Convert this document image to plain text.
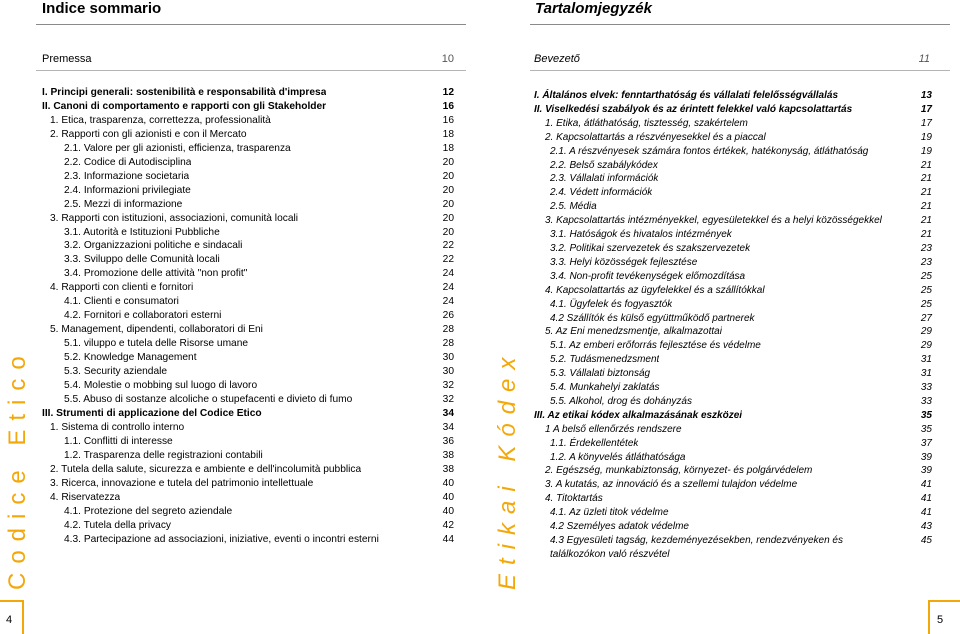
Indice sommario
Premessa	10
I. Principi generali: sostenibilità e responsabilità d'impresa	12
II. Canoni di comportamento e rapporti con gli Stakeholder	16
1. Etica, trasparenza, correttezza, professionalità	16
2. Rapporti con gli azionisti e con il Mercato	18
2.1. Valore per gli azionisti, efficienza, trasparenza	18
2.2. Codice di Autodisciplina	20
2.3. Informazione societaria	20
2.4. Informazioni privilegiate	20
2.5. Mezzi di informazione	20
3. Rapporti con istituzioni, associazioni, comunità locali	20
3.1. Autorità e Istituzioni Pubbliche	20
3.2. Organizzazioni politiche e sindacali	22
3.3. Sviluppo delle Comunità locali	22
3.4. Promozione delle attività "non profit"	24
4. Rapporti con clienti e fornitori	24
4.1. Clienti e consumatori	24
4.2. Fornitori e collaboratori esterni	26
5. Management, dipendenti, collaboratori di Eni	28
5.1. viluppo e tutela delle Risorse umane	28
5.2. Knowledge Management	30
5.3. Security aziendale	30
5.4. Molestie o mobbing sul luogo di lavoro	32
5.5. Abuso di sostanze alcoliche o stupefacenti e divieto di fumo	32
III. Strumenti di applicazione del Codice Etico	34
1. Sistema di controllo interno	34
1.1. Conflitti di interesse	36
1.2. Trasparenza delle registrazioni contabili	38
2. Tutela della salute, sicurezza e ambiente e dell'incolumità pubblica	38
3. Ricerca, innovazione e tutela del patrimonio intellettuale	40
4. Riservatezza	40
4.1. Protezione del segreto aziendale	40
4.2. Tutela della privacy	42
4.3. Partecipazione ad associazioni, iniziative, eventi o incontri esterni	44
Codice Etico
4
Tartalomjegyzék
Bevezető	11
I. Általános elvek: fenntarthatóság és vállalati felelősségvállalás	13
II. Viselkedési szabályok és az érintett felekkel való kapcsolattartás	17
1. Etika, átláthatóság, tisztesség, szakértelem	17
2. Kapcsolattartás a részvényesekkel és a piaccal	19
2.1. A részvényesek számára fontos értékek, hatékonyság, átláthatóság	19
2.2. Belső szabálykódex	21
2.3. Vállalati információk	21
2.4. Védett információk	21
2.5. Média	21
3. Kapcsolattartás intézményekkel, egyesületekkel és a helyi közösségekkel	21
3.1. Hatóságok és hivatalos intézmények	21
3.2. Politikai szervezetek és szakszervezetek	23
3.3. Helyi közösségek fejlesztése	23
3.4. Non-profit tevékenységek előmozdítása	25
4. Kapcsolattartás az ügyfelekkel és a szállítókkal	25
4.1. Ügyfelek és fogyasztók	25
4.2 Szállítók és külső együttműködő partnerek	27
5. Az Eni menedzsmentje, alkalmazottai	29
5.1. Az emberi erőforrás fejlesztése és védelme	29
5.2. Tudásmenedzsment	31
5.3. Vállalati biztonság	31
5.4. Munkahelyi zaklatás	33
5.5. Alkohol, drog és dohányzás	33
III. Az etikai kódex alkalmazásának eszközei	35
1 A belső ellenőrzés rendszere	35
1.1. Érdekellentétek	37
1.2. A könyvelés átláthatósága	39
2. Egészség, munkabiztonság, környezet- és polgárvédelem	39
3. A kutatás, az innováció és a szellemi tulajdon védelme	41
4. Titoktartás	41
4.1. Az üzleti titok védelme	41
4.2 Személyes adatok védelme	43
4.3 Egyesületi tagság, kezdeményezésekben, rendezvényeken és találkozókon való részvétel
45
Etikai Kódex
5
